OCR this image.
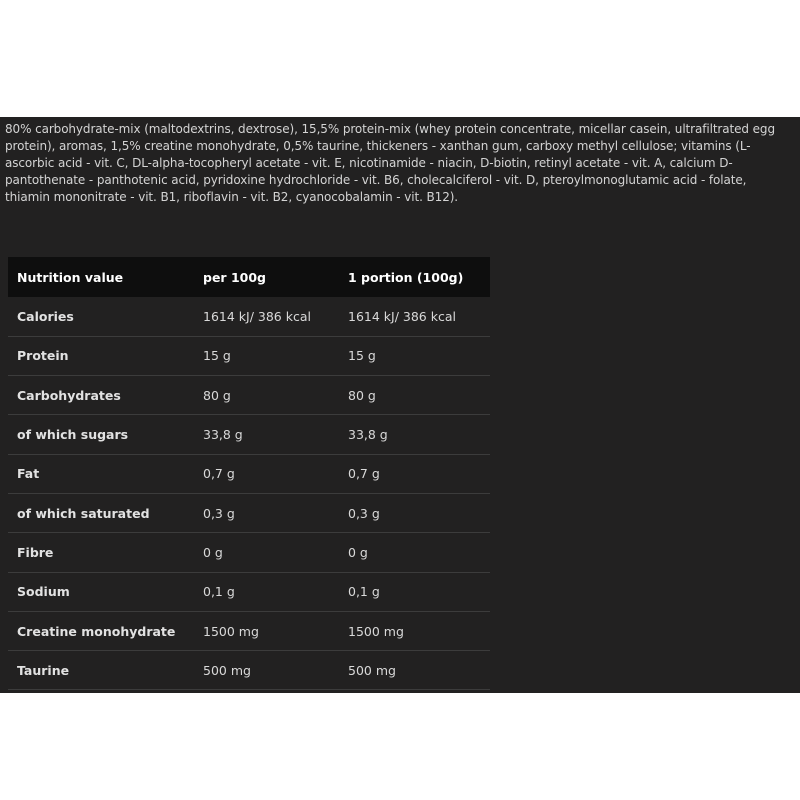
80% carbohydrate-mix (maltodextrins, dextrose), 15,5% protein-mix (whey protein concentrate, micellar casein, ultrafiltrated egg protein), aromas, 1,5% creatine monohydrate, 0,5% taurine, thickeners - xanthan gum, carboxy methyl cellulose; vitamins (L-ascorbic acid - vit. C, DL-alpha-tocopheryl acetate - vit. E, nicotinamide - niacin, D-biotin, retinyl acetate - vit. A, calcium D-pantothenate - panthotenic acid, pyridoxine hydrochloride - vit. B6, cholecalciferol - vit. D, pteroylmonoglutamic acid - folate, thiamin mononitrate - vit. B1, riboflavin - vit. B2, cyanocobalamin - vit. B12).

Nutrition value	per 100g	1 portion (100g)
Calories	1614 kJ/ 386 kcal	1614 kJ/ 386 kcal
Protein	15 g	15 g
Carbohydrates	80 g	80 g
of which sugars	33,8 g	33,8 g
Fat	0,7 g	0,7 g
of which saturated	0,3 g	0,3 g
Fibre	0 g	0 g
Sodium	0,1 g	0,1 g
Creatine monohydrate	1500 mg	1500 mg
Taurine	500 mg	500 mg
